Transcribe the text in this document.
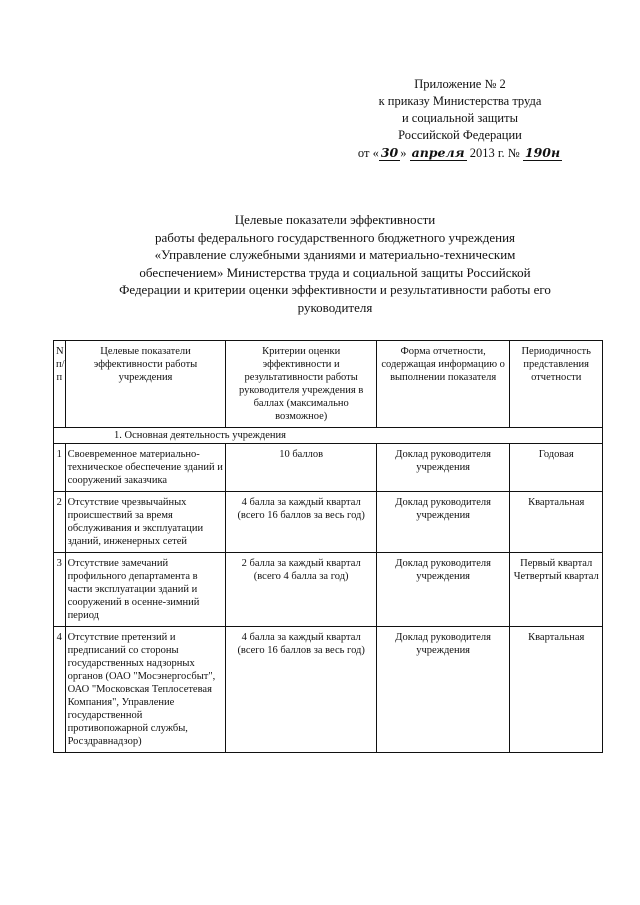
Приложение № 2
к приказу Министерства труда
и социальной защиты
Российской Федерации
от « 30 » апреля 2013 г. № 190н
Целевые показатели эффективности
работы федерального государственного бюджетного учреждения
«Управление служебными зданиями и материально-техническим
обеспечением» Министерства труда и социальной защиты Российской
Федерации и критерии оценки эффективности и результативности работы его
руководителя
N п/п	Целевые показатели эффективности работы учреждения	Критерии оценки эффективности и результативности работы руководителя учреждения в баллах (максимально возможное)	Форма отчетности, содержащая информацию о выполнении показателя	Периодичность представления отчетности
1. Основная деятельность учреждения				
1	Своевременное материально-техническое обеспечение зданий и сооружений заказчика	10 баллов	Доклад руководителя учреждения	Годовая
2	Отсутствие чрезвычайных происшествий за время обслуживания и эксплуатации зданий, инженерных сетей	4 балла за каждый квартал (всего 16 баллов за весь год)	Доклад руководителя учреждения	Квартальная
3	Отсутствие замечаний профильного департамента в части эксплуатации зданий и сооружений в осенне-зимний период	2 балла за каждый квартал (всего 4 балла за год)	Доклад руководителя учреждения	Первый квартал Четвертый квартал
4	Отсутствие претензий и предписаний со стороны государственных надзорных органов (ОАО "Мосэнергосбыт", ОАО "Московская Теплосетевая Компания", Управление государственной противопожарной службы, Росздравнадзор)	4 балла за каждый квартал (всего 16 баллов за весь год)	Доклад руководителя учреждения	Квартальная
